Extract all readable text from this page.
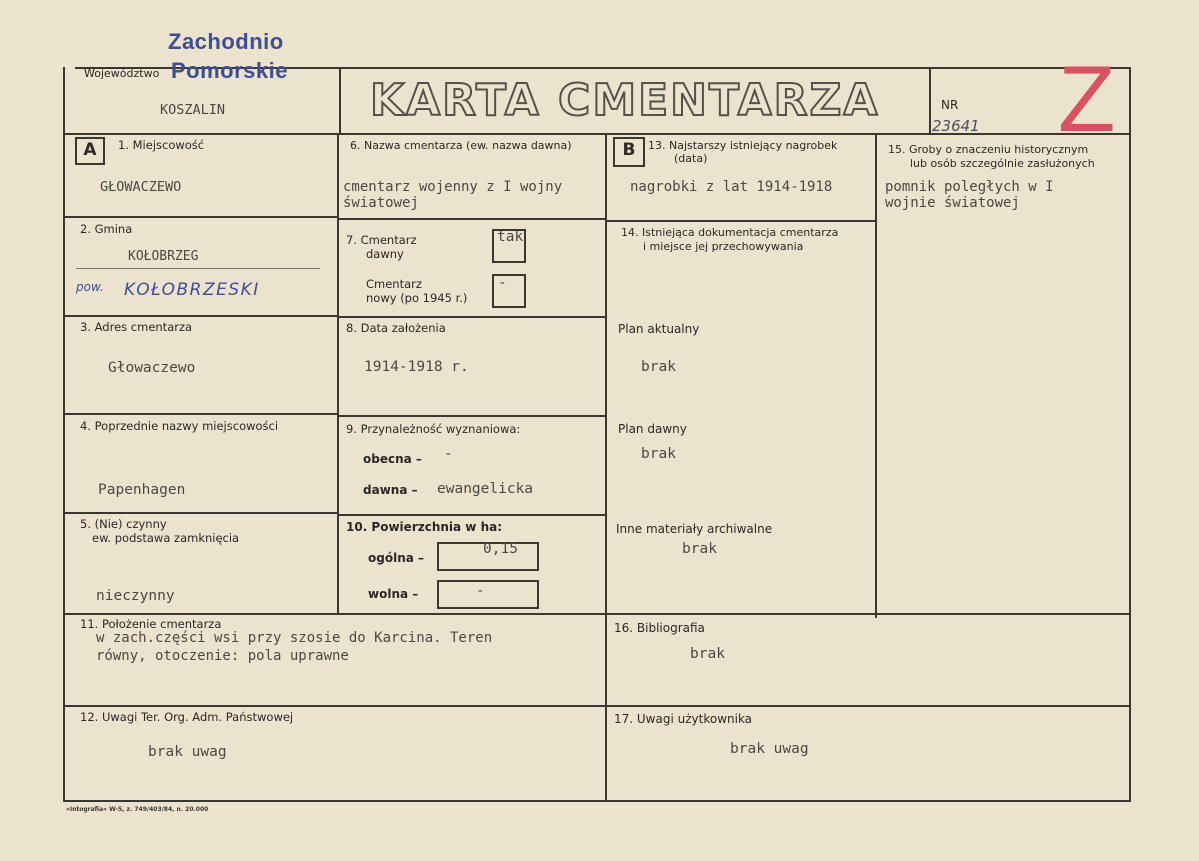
Zachodnio
Pomorskie
Województwo
KOSZALIN	KARTA CMENTARZA	NR
23641 Z
A	B
1. Miejscowość
GŁOWACZEWO
2. Gmina
KOŁOBRZEG
pow. KOŁOBRZESKI
3. Adres cmentarza
Głowaczewo
4. Poprzednie nazwy miejscowości
Papenhagen
5. (Nie) czynny
ew. podstawa zamknięcia
nieczynny
6. Nazwa cmentarza (ew. nazwa dawna)
cmentarz wojenny z I wojny
światowej
7. Cmentarz
dawny
tak
Cmentarz
nowy (po 1945 r.)
-
8. Data założenia
1914-1918 r.
9. Przynależność wyznaniowa:
obecna – -
dawna – ewangelicka
10. Powierzchnia w ha:
ogólna –
0,15
wolna –	-
13. Najstarszy istniejący nagrobek
(data)
nagrobki z lat 1914-1918
14. Istniejąca dokumentacja cmentarza
i miejsce jej przechowywania
Plan aktualny
brak
Plan dawny
brak
Inne materiały archiwalne
brak
15. Groby o znaczeniu historycznym
lub osób szczególnie zasłużonych
pomnik poległych w I
wojnie światowej
11. Położenie cmentarza
w zach.części wsi przy szosie do Karcina. Teren
równy, otoczenie: pola uprawne
16. Bibliografia
brak
12. Uwagi Ter. Org. Adm. Państwowej
brak uwag
17. Uwagi użytkownika
brak uwag
»Intografia« W-5, z. 749/403/84, n. 20.000
